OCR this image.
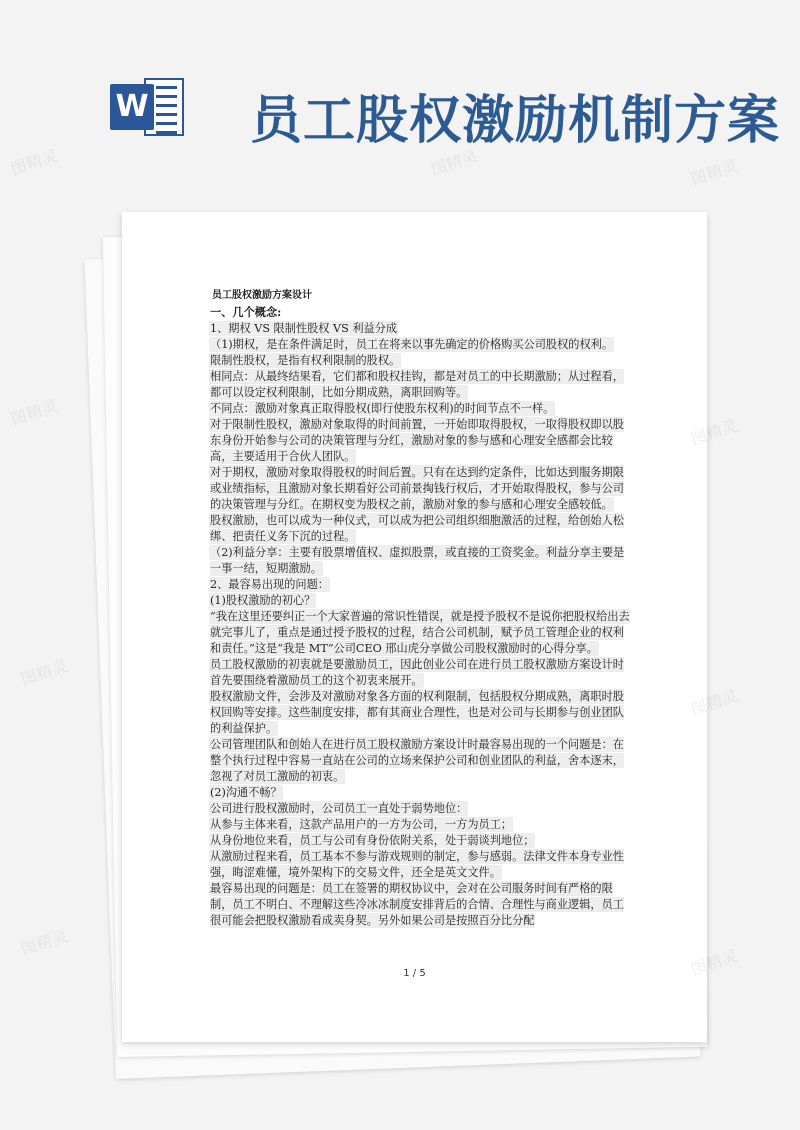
W 员工股权激励机制方案
员工股权激励方案设计

一、几个概念:

1、期权 VS 限制性股权 VS 利益分成

（1)期权，是在条件满足时，员工在将来以事先确定的价格购买公司股权的权利。

限制性股权，是指有权利限制的股权。

相同点：从最终结果看，它们都和股权挂钩，都是对员工的中长期激励；从过程看，都可以设定权利限制，比如分期成熟，离职回购等。

不同点：激励对象真正取得股权(即行使股东权利)的时间节点不一样。

对于限制性股权，激励对象取得的时间前置，一开始即取得股权，一取得股权即以股东身份开始参与公司的决策管理与分红，激励对象的参与感和心理安全感都会比较高，主要适用于合伙人团队。

对于期权，激励对象取得股权的时间后置。只有在达到约定条件，比如达到服务期限或业绩指标，且激励对象长期看好公司前景掏钱行权后，才开始取得股权，参与公司的决策管理与分红。在期权变为股权之前，激励对象的参与感和心理安全感较低。

股权激励，也可以成为一种仪式，可以成为把公司组织细胞激活的过程，给创始人松绑、把责任义务下沉的过程。

（2)利益分享：主要有股票增值权、虚拟股票，或直接的工资奖金。利益分享主要是一事一结，短期激励。

2、最容易出现的问题：

(1)股权激励的初心？

“我在这里还要纠正一个大家普遍的常识性错误，就是授予股权不是说你把股权给出去就完事儿了，重点是通过授予股权的过程，结合公司机制，赋予员工管理企业的权利和责任。”这是“我是 MT”公司CEO 邢山虎分享做公司股权激励时的心得分享。

员工股权激励的初衷就是要激励员工，因此创业公司在进行员工股权激励方案设计时首先要围绕着激励员工的这个初衷来展开。

股权激励文件，会涉及对激励对象各方面的权利限制，包括股权分期成熟，离职时股权回购等安排。这些制度安排，都有其商业合理性，也是对公司与长期参与创业团队的利益保护。

公司管理团队和创始人在进行员工股权激励方案设计时最容易出现的一个问题是：在整个执行过程中容易一直站在公司的立场来保护公司和创业团队的利益，舍本逐末，忽视了对员工激励的初衷。

(2)沟通不畅？

公司进行股权激励时，公司员工一直处于弱势地位：

从参与主体来看，这款产品用户的一方为公司，一方为员工；

从身份地位来看，员工与公司有身份依附关系，处于弱谈判地位；

从激励过程来看，员工基本不参与游戏规则的制定，参与感弱。法律文件本身专业性强，晦涩难懂，境外架构下的交易文件，还全是英文文件。

最容易出现的问题是：员工在签署的期权协议中，会对在公司服务时间有严格的限制，员工不明白、不理解这些冷冰冰制度安排背后的合情、合理性与商业逻辑，员工很可能会把股权激励看成卖身契。另外如果公司是按照百分比分配

1 / 5
图精灵	图精灵	图精灵
图精灵
图精灵
图精灵
图精灵
图精灵
图精灵
